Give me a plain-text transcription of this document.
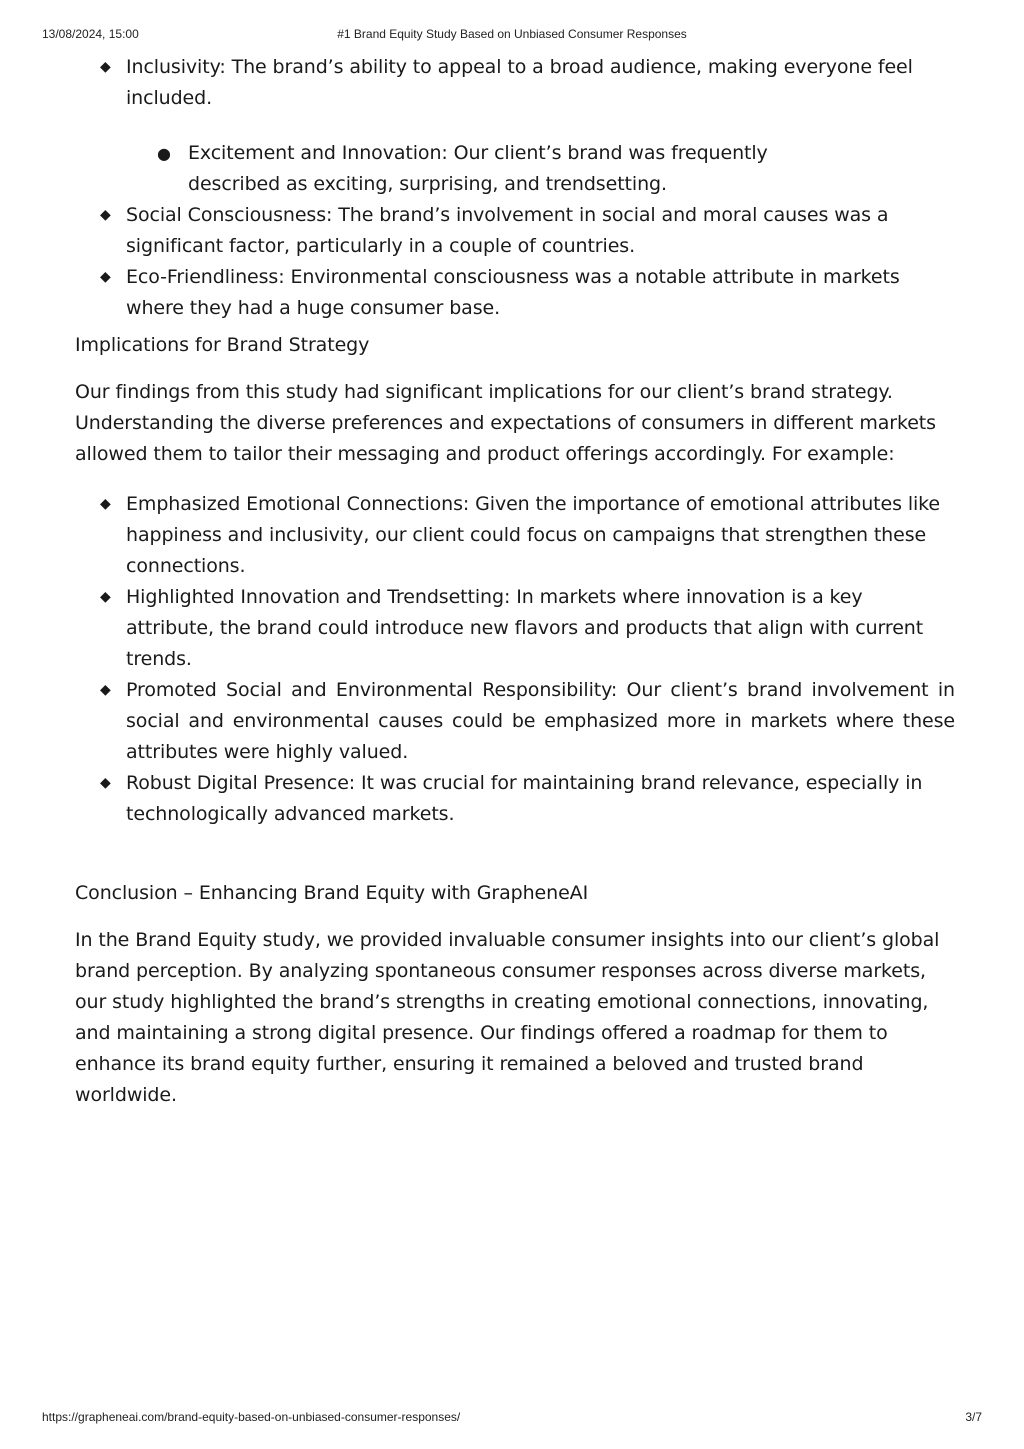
13/08/2024, 15:00	#1 Brand Equity Study Based on Unbiased Consumer Responses
◆ Inclusivity: The brand’s ability to appeal to a broad audience, making everyone feel included.
● Excitement and Innovation: Our client’s brand was frequently described as exciting, surprising, and trendsetting.
◆ Social Consciousness: The brand’s involvement in social and moral causes was a significant factor, particularly in a couple of countries.
◆ Eco-Friendliness: Environmental consciousness was a notable attribute in markets where they had a huge consumer base.

Implications for Brand Strategy

Our findings from this study had significant implications for our client’s brand strategy. Understanding the diverse preferences and expectations of consumers in different markets allowed them to tailor their messaging and product offerings accordingly. For example:

◆ Emphasized Emotional Connections: Given the importance of emotional attributes like happiness and inclusivity, our client could focus on campaigns that strengthen these connections.
◆ Highlighted Innovation and Trendsetting: In markets where innovation is a key attribute, the brand could introduce new flavors and products that align with current trends.
◆ Promoted Social and Environmental Responsibility: Our client’s brand involvement in social and environmental causes could be emphasized more in markets where these attributes were highly valued.
◆ Robust Digital Presence: It was crucial for maintaining brand relevance, especially in technologically advanced markets.

Conclusion – Enhancing Brand Equity with GrapheneAI

In the Brand Equity study, we provided invaluable consumer insights into our client’s global brand perception. By analyzing spontaneous consumer responses across diverse markets, our study highlighted the brand’s strengths in creating emotional connections, innovating, and maintaining a strong digital presence. Our findings offered a roadmap for them to enhance its brand equity further, ensuring it remained a beloved and trusted brand worldwide.

https://grapheneai.com/brand-equity-based-on-unbiased-consumer-responses/	3/7
